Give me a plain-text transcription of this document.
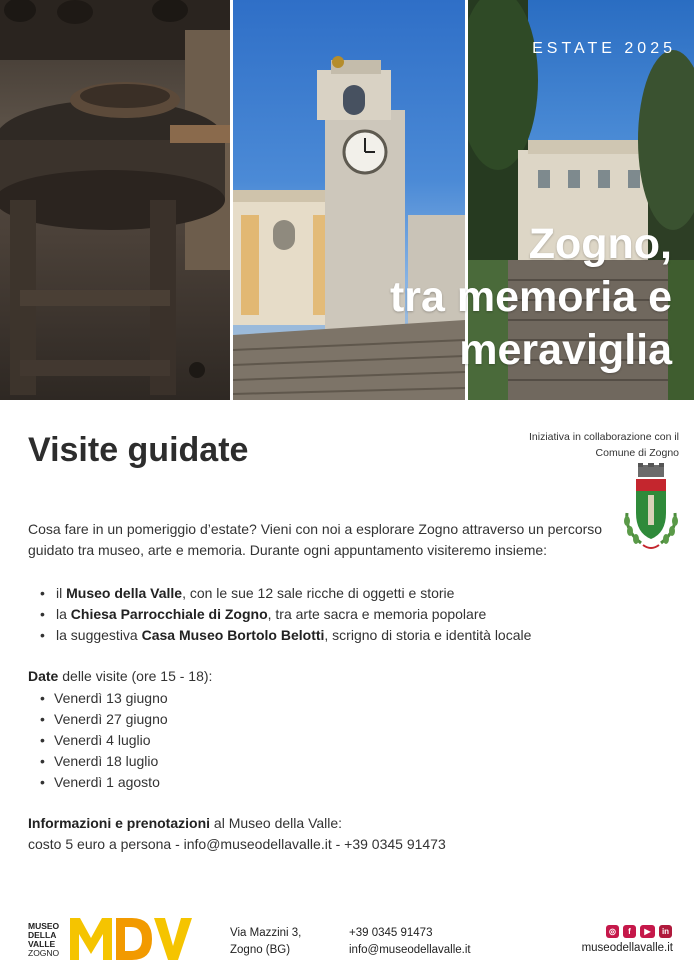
ESTATE 2025
Zogno,
tra memoria e
meraviglia
Visite guidate	Iniziativa in collaborazione con il
Comune di Zogno

Cosa fare in un pomeriggio d’estate? Vieni con noi a esplorare Zogno attraverso un percorso guidato tra museo, arte e memoria. Durante ogni appuntamento visiteremo insieme:

• il Museo della Valle, con le sue 12 sale ricche di oggetti e storie
• la Chiesa Parrocchiale di Zogno, tra arte sacra e memoria popolare
• la suggestiva Casa Museo Bortolo Belotti, scrigno di storia e identità locale
Date delle visite (ore 15 - 18):
• Venerdì 13 giugno
• Venerdì 27 giugno
• Venerdì 4 luglio
• Venerdì 18 luglio
• Venerdì 1 agosto
Informazioni e prenotazioni al Museo della Valle:
costo 5 euro a persona - info@museodellavalle.it - +39 0345 91473
MUSEO
DELLA
VALLE
ZOGNO
Via Mazzini 3,
Zogno (BG)
+39 0345 91473
info@museodellavalle.it
◎	f	▶	in
museodellavalle.it
